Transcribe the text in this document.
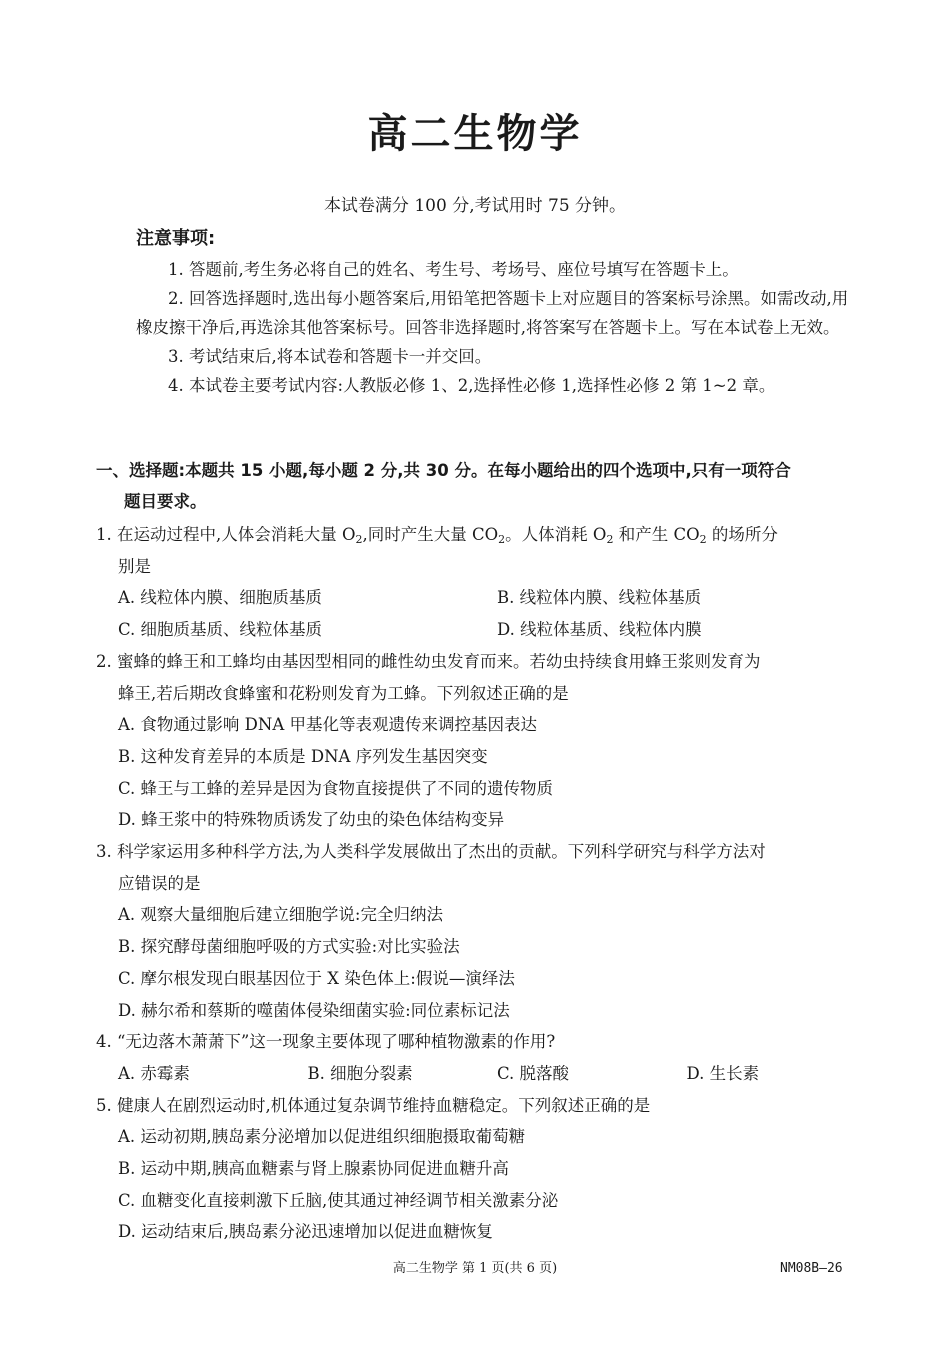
高二生物学
本试卷满分 100 分,考试用时 75 分钟。
注意事项:

1. 答题前,考生务必将自己的姓名、考生号、考场号、座位号填写在答题卡上。

2. 回答选择题时,选出每小题答案后,用铅笔把答题卡上对应题目的答案标号涂黑。如需改动,用橡皮擦干净后,再选涂其他答案标号。回答非选择题时,将答案写在答题卡上。写在本试卷上无效。

3. 考试结束后,将本试卷和答题卡一并交回。

4. 本试卷主要考试内容:人教版必修 1、2,选择性必修 1,选择性必修 2 第 1~2 章。

一、选择题:本题共 15 小题,每小题 2 分,共 30 分。在每小题给出的四个选项中,只有一项符合
题目要求。
1. 在运动过程中,人体会消耗大量 $O_2$,同时产生大量 $CO_2$。人体消耗 $O_2$ 和产生 $CO_2$ 的场所分
别是
A. 线粒体内膜、细胞质基质	B. 线粒体内膜、线粒体基质
C. 细胞质基质、线粒体基质	D. 线粒体基质、线粒体内膜
2. 蜜蜂的蜂王和工蜂均由基因型相同的雌性幼虫发育而来。若幼虫持续食用蜂王浆则发育为
蜂王,若后期改食蜂蜜和花粉则发育为工蜂。下列叙述正确的是
A. 食物通过影响 DNA 甲基化等表观遗传来调控基因表达
B. 这种发育差异的本质是 DNA 序列发生基因突变
C. 蜂王与工蜂的差异是因为食物直接提供了不同的遗传物质
D. 蜂王浆中的特殊物质诱发了幼虫的染色体结构变异
3. 科学家运用多种科学方法,为人类科学发展做出了杰出的贡献。下列科学研究与科学方法对
应错误的是
A. 观察大量细胞后建立细胞学说:完全归纳法
B. 探究酵母菌细胞呼吸的方式实验:对比实验法
C. 摩尔根发现白眼基因位于 X 染色体上:假说—演绎法
D. 赫尔希和蔡斯的噬菌体侵染细菌实验:同位素标记法
4. “无边落木萧萧下”这一现象主要体现了哪种植物激素的作用?
A. 赤霉素	B. 细胞分裂素	C. 脱落酸	D. 生长素
5. 健康人在剧烈运动时,机体通过复杂调节维持血糖稳定。下列叙述正确的是
A. 运动初期,胰岛素分泌增加以促进组织细胞摄取葡萄糖
B. 运动中期,胰高血糖素与肾上腺素协同促进血糖升高
C. 血糖变化直接刺激下丘脑,使其通过神经调节相关激素分泌
D. 运动结束后,胰岛素分泌迅速增加以促进血糖恢复
高二生物学 第 1 页(共 6 页)	NM08B—26
